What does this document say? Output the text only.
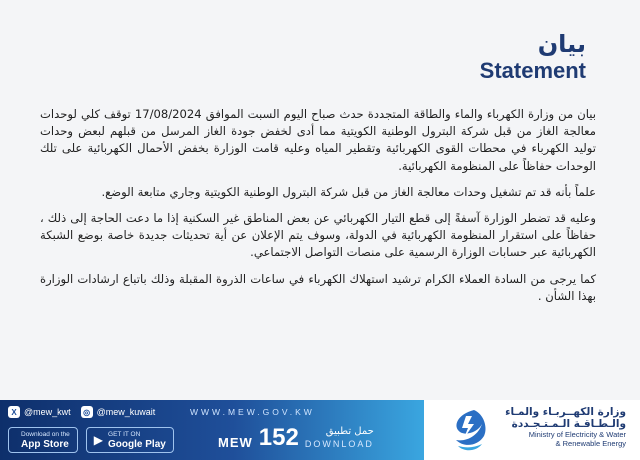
بيان
Statement

بيان من وزارة الكهرباء والماء والطاقة المتجددة حدث صباح اليوم السبت الموافق 17/08/2024 توقف كلي لوحدات معالجة الغاز من قبل شركة البترول الوطنية الكويتية مما أدى لخفض جودة الغاز المرسل من قبلهم لبعض وحدات توليد الكهرباء في محطات القوى الكهربائية وتقطير المياه وعليه قامت الوزارة بخفض الأحمال الكهربائية على تلك الوحدات حفاظاً على المنظومة الكهربائية.

علماً بأنه قد تم تشغيل وحدات معالجة الغاز من قبل شركة البترول الوطنية الكويتية وجاري متابعة الوضع.

وعليه قد تضطر الوزارة آسفةً إلى قطع التيار الكهربائي عن بعض المناطق غير السكنية إذا ما دعت الحاجة إلى ذلك ، حفاظاً على استقرار المنظومة الكهربائية في الدولة، وسوف يتم الإعلان عن أية تحديثات جديدة خاصة بوضع الشبكة الكهربائية عبر حسابات الوزارة الرسمية على منصات التواصل الاجتماعي.

كما يرجى من السادة العملاء الكرام ترشيد استهلاك الكهرباء في ساعات الذروة المقبلة وذلك باتباع ارشادات الوزارة بهذا الشأن .

X @mew_kwt	◎ @mew_kuwait	WWW.MEW.GOV.KW
Download on the
App Store ▶ GET IT ON
Google Play	MEW 152	حمل تطبيق
DOWNLOAD
وزارة الكهــربـاء والمـاء
والـطـاقـة الـمـتـجـددة
Ministry of Electricity & Water
& Renewable Energy
